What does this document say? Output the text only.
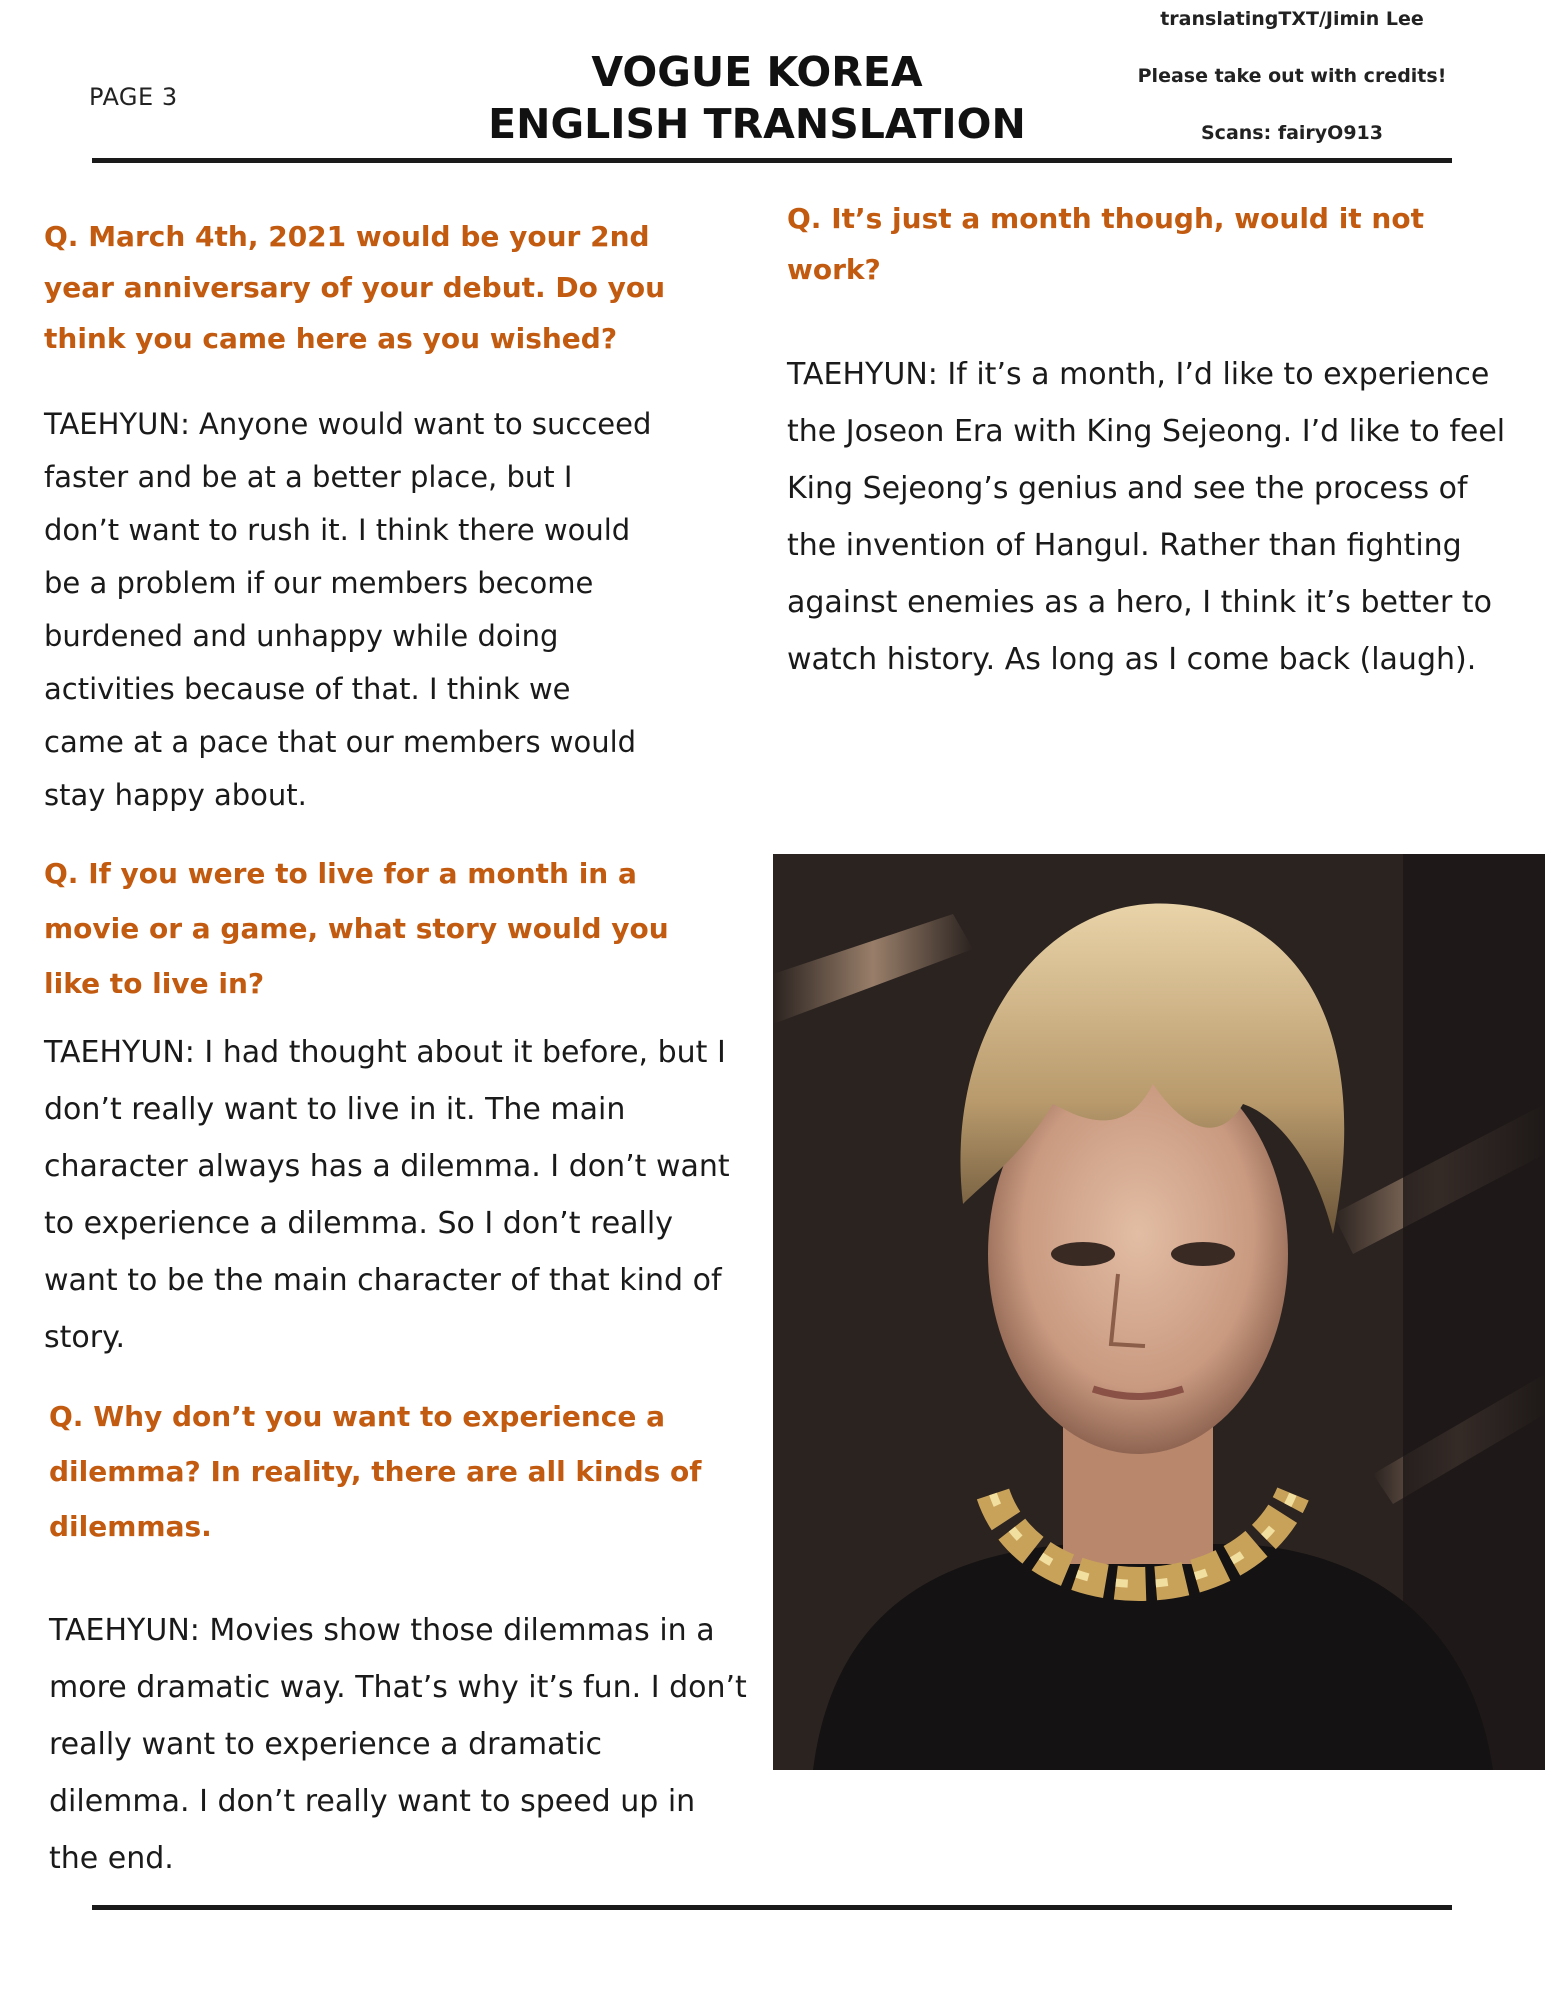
PAGE 3
VOGUE KOREA
ENGLISH TRANSLATION
translatingTXT/Jimin Lee
Please take out with credits!
Scans: fairyO913

Q. March 4th, 2021 would be your 2nd year anniversary of your debut. Do you think you came here as you wished?

TAEHYUN: Anyone would want to succeed faster and be at a better place, but I don’t want to rush it. I think there would be a problem if our members become burdened and unhappy while doing activities because of that. I think we came at a pace that our members would stay happy about.

Q. If you were to live for a month in a movie or a game, what story would you like to live in?

TAEHYUN: I had thought about it before, but I don’t really want to live in it. The main character always has a dilemma. I don’t want to experience a dilemma. So I don’t really want to be the main character of that kind of story.

Q. Why don’t you want to experience a dilemma? In reality, there are all kinds of dilemmas.

TAEHYUN: Movies show those dilemmas in a more dramatic way. That’s why it’s fun. I don’t really want to experience a dramatic dilemma. I don’t really want to speed up in the end.

Q. It’s just a month though, would it not work?

TAEHYUN: If it’s a month, I’d like to experience the Joseon Era with King Sejeong. I’d like to feel King Sejeong’s genius and see the process of the invention of Hangul. Rather than fighting against enemies as a hero, I think it’s better to watch history. As long as I come back (laugh).
